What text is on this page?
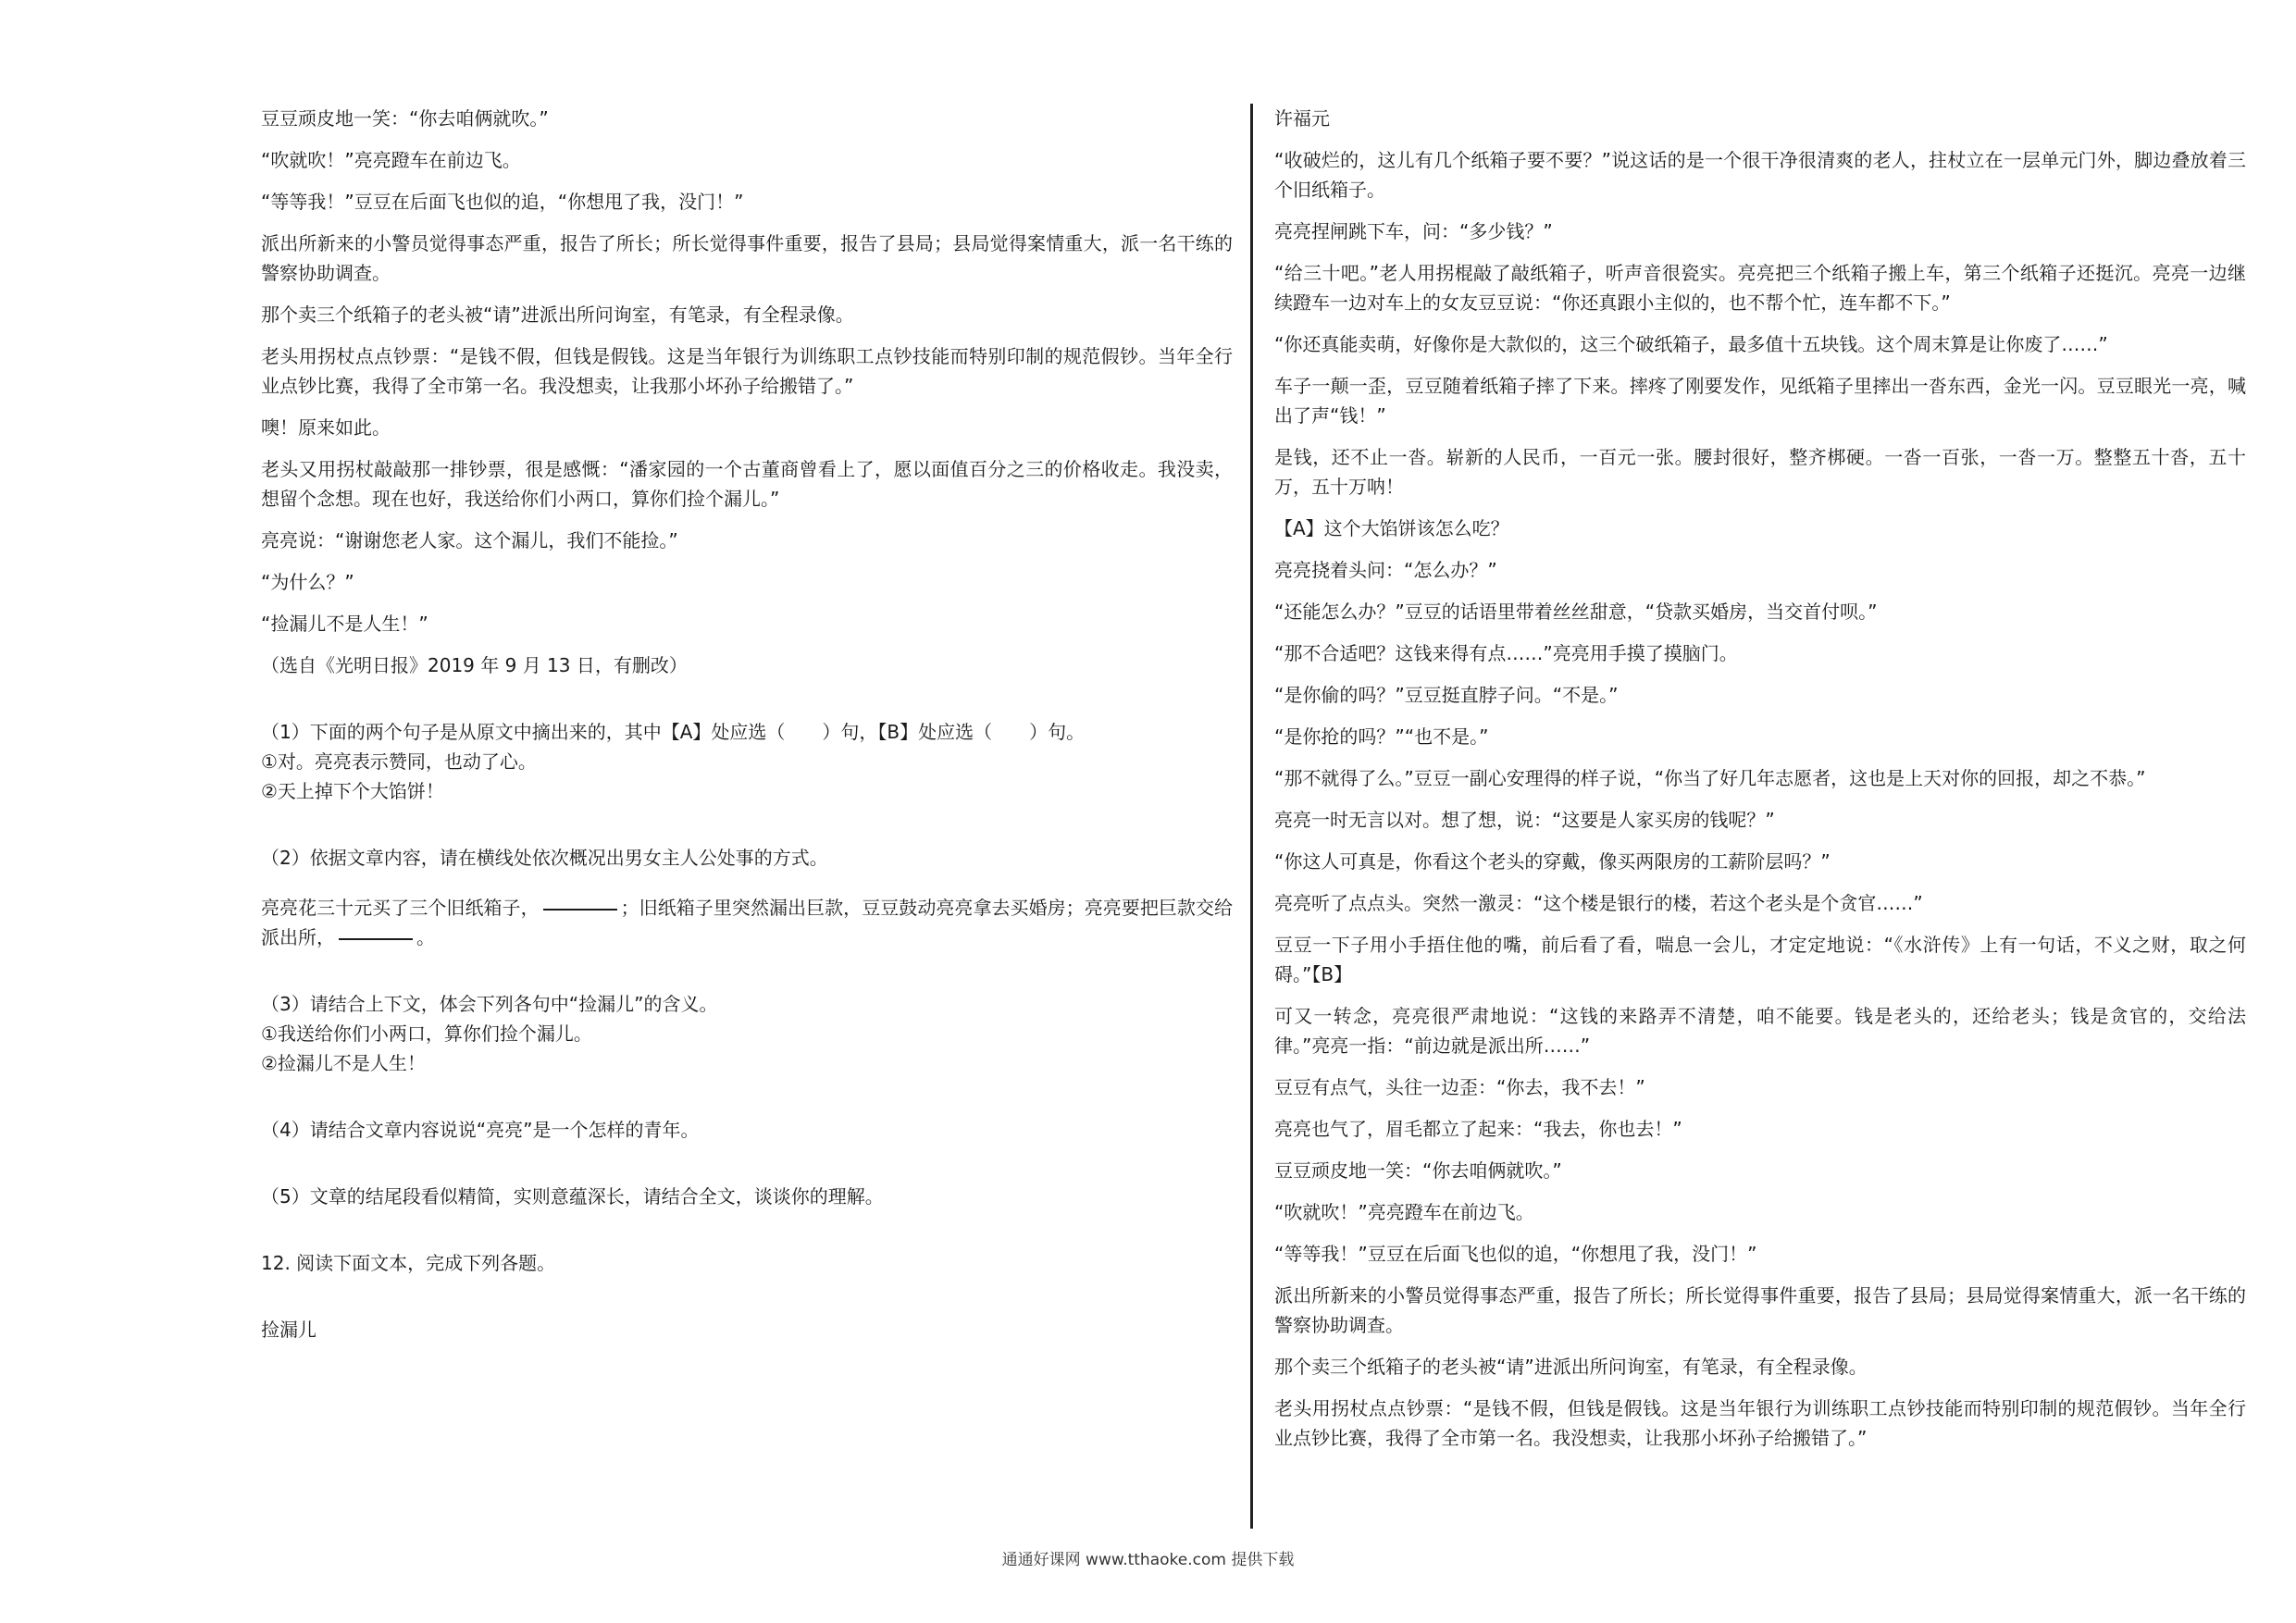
豆豆顽皮地一笑：“你去咱俩就吹。”
“吹就吹！”亮亮蹬车在前边飞。
“等等我！”豆豆在后面飞也似的追，“你想甩了我，没门！”
派出所新来的小警员觉得事态严重，报告了所长；所长觉得事件重要，报告了县局；县局觉得案情重大，派一名干练的警察协助调查。
那个卖三个纸箱子的老头被“请”进派出所问询室，有笔录，有全程录像。
老头用拐杖点点钞票：“是钱不假，但钱是假钱。这是当年银行为训练职工点钞技能而特别印制的规范假钞。当年全行业点钞比赛，我得了全市第一名。我没想卖，让我那小坏孙子给搬错了。”
噢！原来如此。
老头又用拐杖敲敲那一排钞票，很是感慨：“潘家园的一个古董商曾看上了，愿以面值百分之三的价格收走。我没卖，想留个念想。现在也好，我送给你们小两口，算你们捡个漏儿。”
亮亮说：“谢谢您老人家。这个漏儿，我们不能捡。”
“为什么？”
“捡漏儿不是人生！”
（选自《光明日报》2019 年 9 月 13 日，有删改）
（1）下面的两个句子是从原文中摘出来的，其中【A】处应选（　　）句，【B】处应选（　　）句。
①对。亮亮表示赞同，也动了心。
②天上掉下个大馅饼！
（2）依据文章内容，请在横线处依次概况出男女主人公处事的方式。
亮亮花三十元买了三个旧纸箱子，	；旧纸箱子里突然漏出巨款，豆豆鼓动亮亮拿去买婚房；亮亮要把巨款交给派出所，	。
（3）请结合上下文，体会下列各句中“捡漏儿”的含义。
①我送给你们小两口，算你们捡个漏儿。
②捡漏儿不是人生！
（4）请结合文章内容说说“亮亮”是一个怎样的青年。
（5）文章的结尾段看似精简，实则意蕴深长，请结合全文，谈谈你的理解。
12. 阅读下面文本，完成下列各题。
捡漏儿
许福元
“收破烂的，这儿有几个纸箱子要不要？”说这话的是一个很干净很清爽的老人，拄杖立在一层单元门外，脚边叠放着三个旧纸箱子。
亮亮捏闸跳下车，问：“多少钱？”
“给三十吧。”老人用拐棍敲了敲纸箱子，听声音很瓷实。亮亮把三个纸箱子搬上车，第三个纸箱子还挺沉。亮亮一边继续蹬车一边对车上的女友豆豆说：“你还真跟小主似的，也不帮个忙，连车都不下。”
“你还真能卖萌，好像你是大款似的，这三个破纸箱子，最多值十五块钱。这个周末算是让你废了……”
车子一颠一歪，豆豆随着纸箱子摔了下来。摔疼了刚要发作，见纸箱子里摔出一沓东西，金光一闪。豆豆眼光一亮，喊出了声“钱！”
是钱，还不止一沓。崭新的人民币，一百元一张。腰封很好，整齐梆硬。一沓一百张，一沓一万。整整五十沓，五十万，五十万呐！
【A】这个大馅饼该怎么吃？
亮亮挠着头问：“怎么办？”
“还能怎么办？”豆豆的话语里带着丝丝甜意，“贷款买婚房，当交首付呗。”
“那不合适吧？这钱来得有点……”亮亮用手摸了摸脑门。
“是你偷的吗？”豆豆挺直脖子问。“不是。”
“是你抢的吗？”“也不是。”
“那不就得了么。”豆豆一副心安理得的样子说，“你当了好几年志愿者，这也是上天对你的回报，却之不恭。”
亮亮一时无言以对。想了想，说：“这要是人家买房的钱呢？”
“你这人可真是，你看这个老头的穿戴，像买两限房的工薪阶层吗？”
亮亮听了点点头。突然一激灵：“这个楼是银行的楼，若这个老头是个贪官……”
豆豆一下子用小手捂住他的嘴，前后看了看，喘息一会儿，才定定地说：“《水浒传》上有一句话，不义之财，取之何碍。”【B】
可又一转念，亮亮很严肃地说：“这钱的来路弄不清楚，咱不能要。钱是老头的，还给老头；钱是贪官的，交给法律。”亮亮一指：“前边就是派出所……”
豆豆有点气，头往一边歪：“你去，我不去！”
亮亮也气了，眉毛都立了起来：“我去，你也去！”
豆豆顽皮地一笑：“你去咱俩就吹。”
“吹就吹！”亮亮蹬车在前边飞。
“等等我！”豆豆在后面飞也似的追，“你想甩了我，没门！”
派出所新来的小警员觉得事态严重，报告了所长；所长觉得事件重要，报告了县局；县局觉得案情重大，派一名干练的警察协助调查。
那个卖三个纸箱子的老头被“请”进派出所问询室，有笔录，有全程录像。
老头用拐杖点点钞票：“是钱不假，但钱是假钱。这是当年银行为训练职工点钞技能而特别印制的规范假钞。当年全行业点钞比赛，我得了全市第一名。我没想卖，让我那小坏孙子给搬错了。”
通通好课网 www.tthaoke.com 提供下载
